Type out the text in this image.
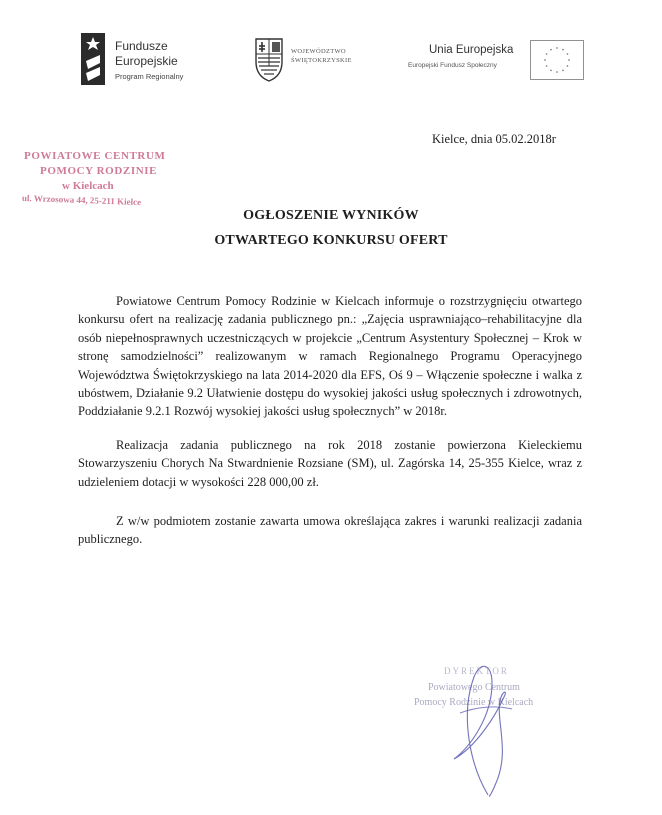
Fundusze
Europejskie
Program Regionalny
WOJEWÓDZTWO
ŚWIĘTOKRZYSKIE
Unia Europejska
Europejski Fundusz Społeczny
Kielce, dnia 05.02.2018r
POWIATOWE CENTRUM
POMOCY RODZINIE
w Kielcach
ul. Wrzosowa 44, 25-211 Kielce
OGŁOSZENIE WYNIKÓW
OTWARTEGO KONKURSU OFERT

Powiatowe Centrum Pomocy Rodzinie w Kielcach informuje o rozstrzygnięciu otwartego konkursu ofert na realizację zadania publicznego pn.: „Zajęcia usprawniająco–rehabilitacyjne dla osób niepełnosprawnych uczestniczących w projekcie „Centrum Asystentury Społecznej – Krok w stronę samodzielności” realizowanym w ramach Regionalnego Programu Operacyjnego Województwa Świętokrzyskiego na lata 2014-2020 dla EFS, Oś 9 – Włączenie społeczne i walka z ubóstwem, Działanie 9.2 Ułatwienie dostępu do wysokiej jakości usług społecznych i zdrowotnych, Poddziałanie 9.2.1 Rozwój wysokiej jakości usług społecznych” w 2018r.

Realizacja zadania publicznego na rok 2018 zostanie powierzona Kieleckiemu Stowarzyszeniu Chorych Na Stwardnienie Rozsiane (SM), ul. Zagórska 14, 25-355 Kielce, wraz z udzieleniem dotacji w wysokości 228 000,00 zł.

Z w/w podmiotem zostanie zawarta umowa określająca zakres i warunki realizacji zadania publicznego.

DYREKTOR
Powiatowego Centrum
Pomocy Rodzinie w Kielcach
